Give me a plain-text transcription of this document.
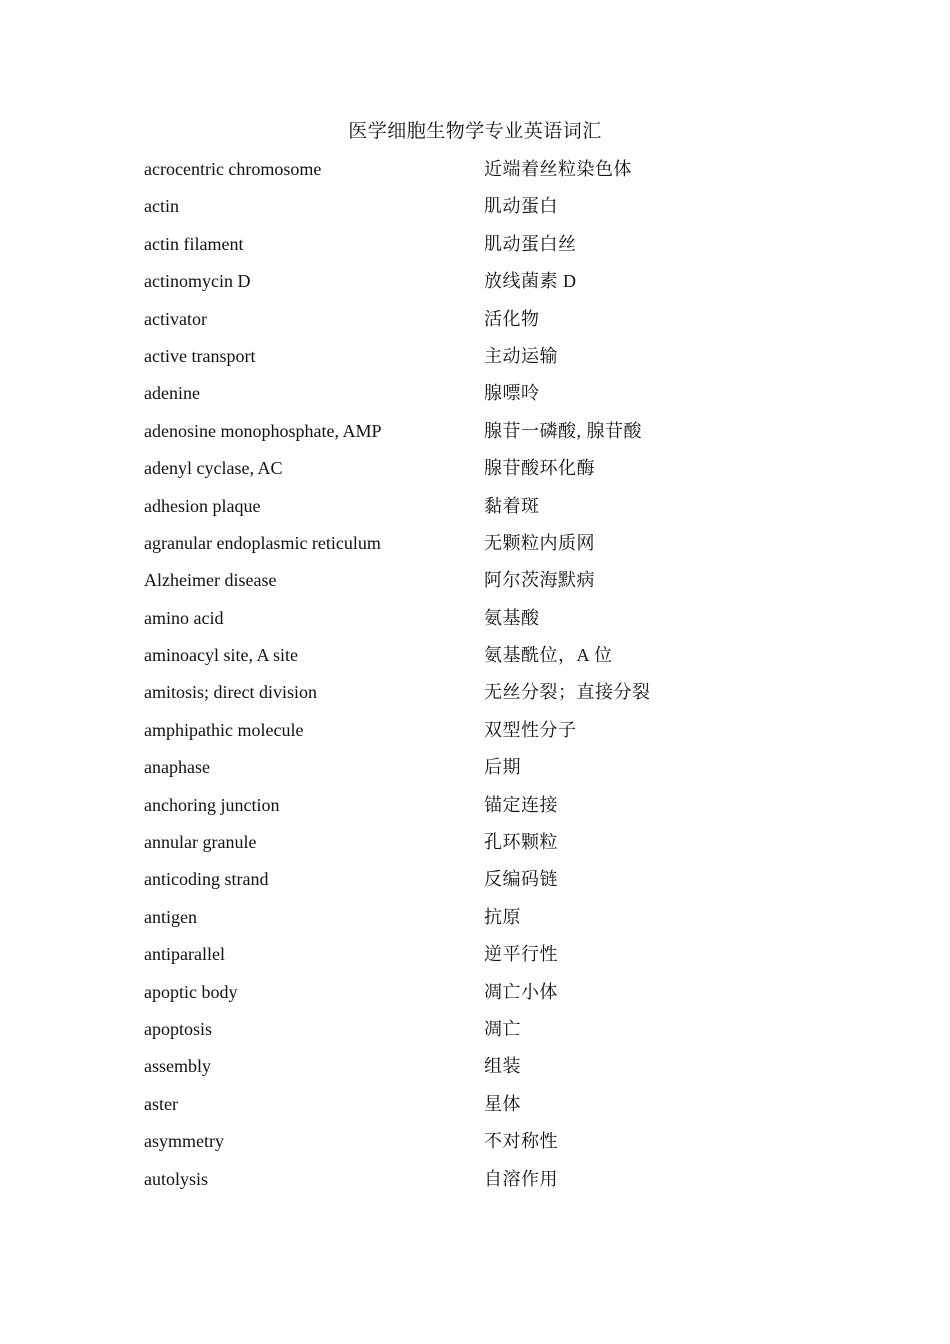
医学细胞生物学专业英语词汇
acrocentric chromosome	近端着丝粒染色体
actin	肌动蛋白
actin filament	肌动蛋白丝
actinomycin D	放线菌素 D
activator	活化物
active transport	主动运输
adenine	腺嘌呤
adenosine monophosphate, AMP	腺苷一磷酸, 腺苷酸
adenyl cyclase, AC	腺苷酸环化酶
adhesion plaque	黏着斑
agranular endoplasmic reticulum	无颗粒内质网
Alzheimer disease	阿尔茨海默病
amino acid	氨基酸
aminoacyl site, A site	氨基酰位，A 位
amitosis; direct division	无丝分裂；直接分裂
amphipathic molecule	双型性分子
anaphase	后期
anchoring junction	锚定连接
annular granule	孔环颗粒
anticoding strand	反编码链
antigen	抗原
antiparallel	逆平行性
apoptic body	凋亡小体
apoptosis	凋亡
assembly	组装
aster	星体
asymmetry	不对称性
autolysis	自溶作用
